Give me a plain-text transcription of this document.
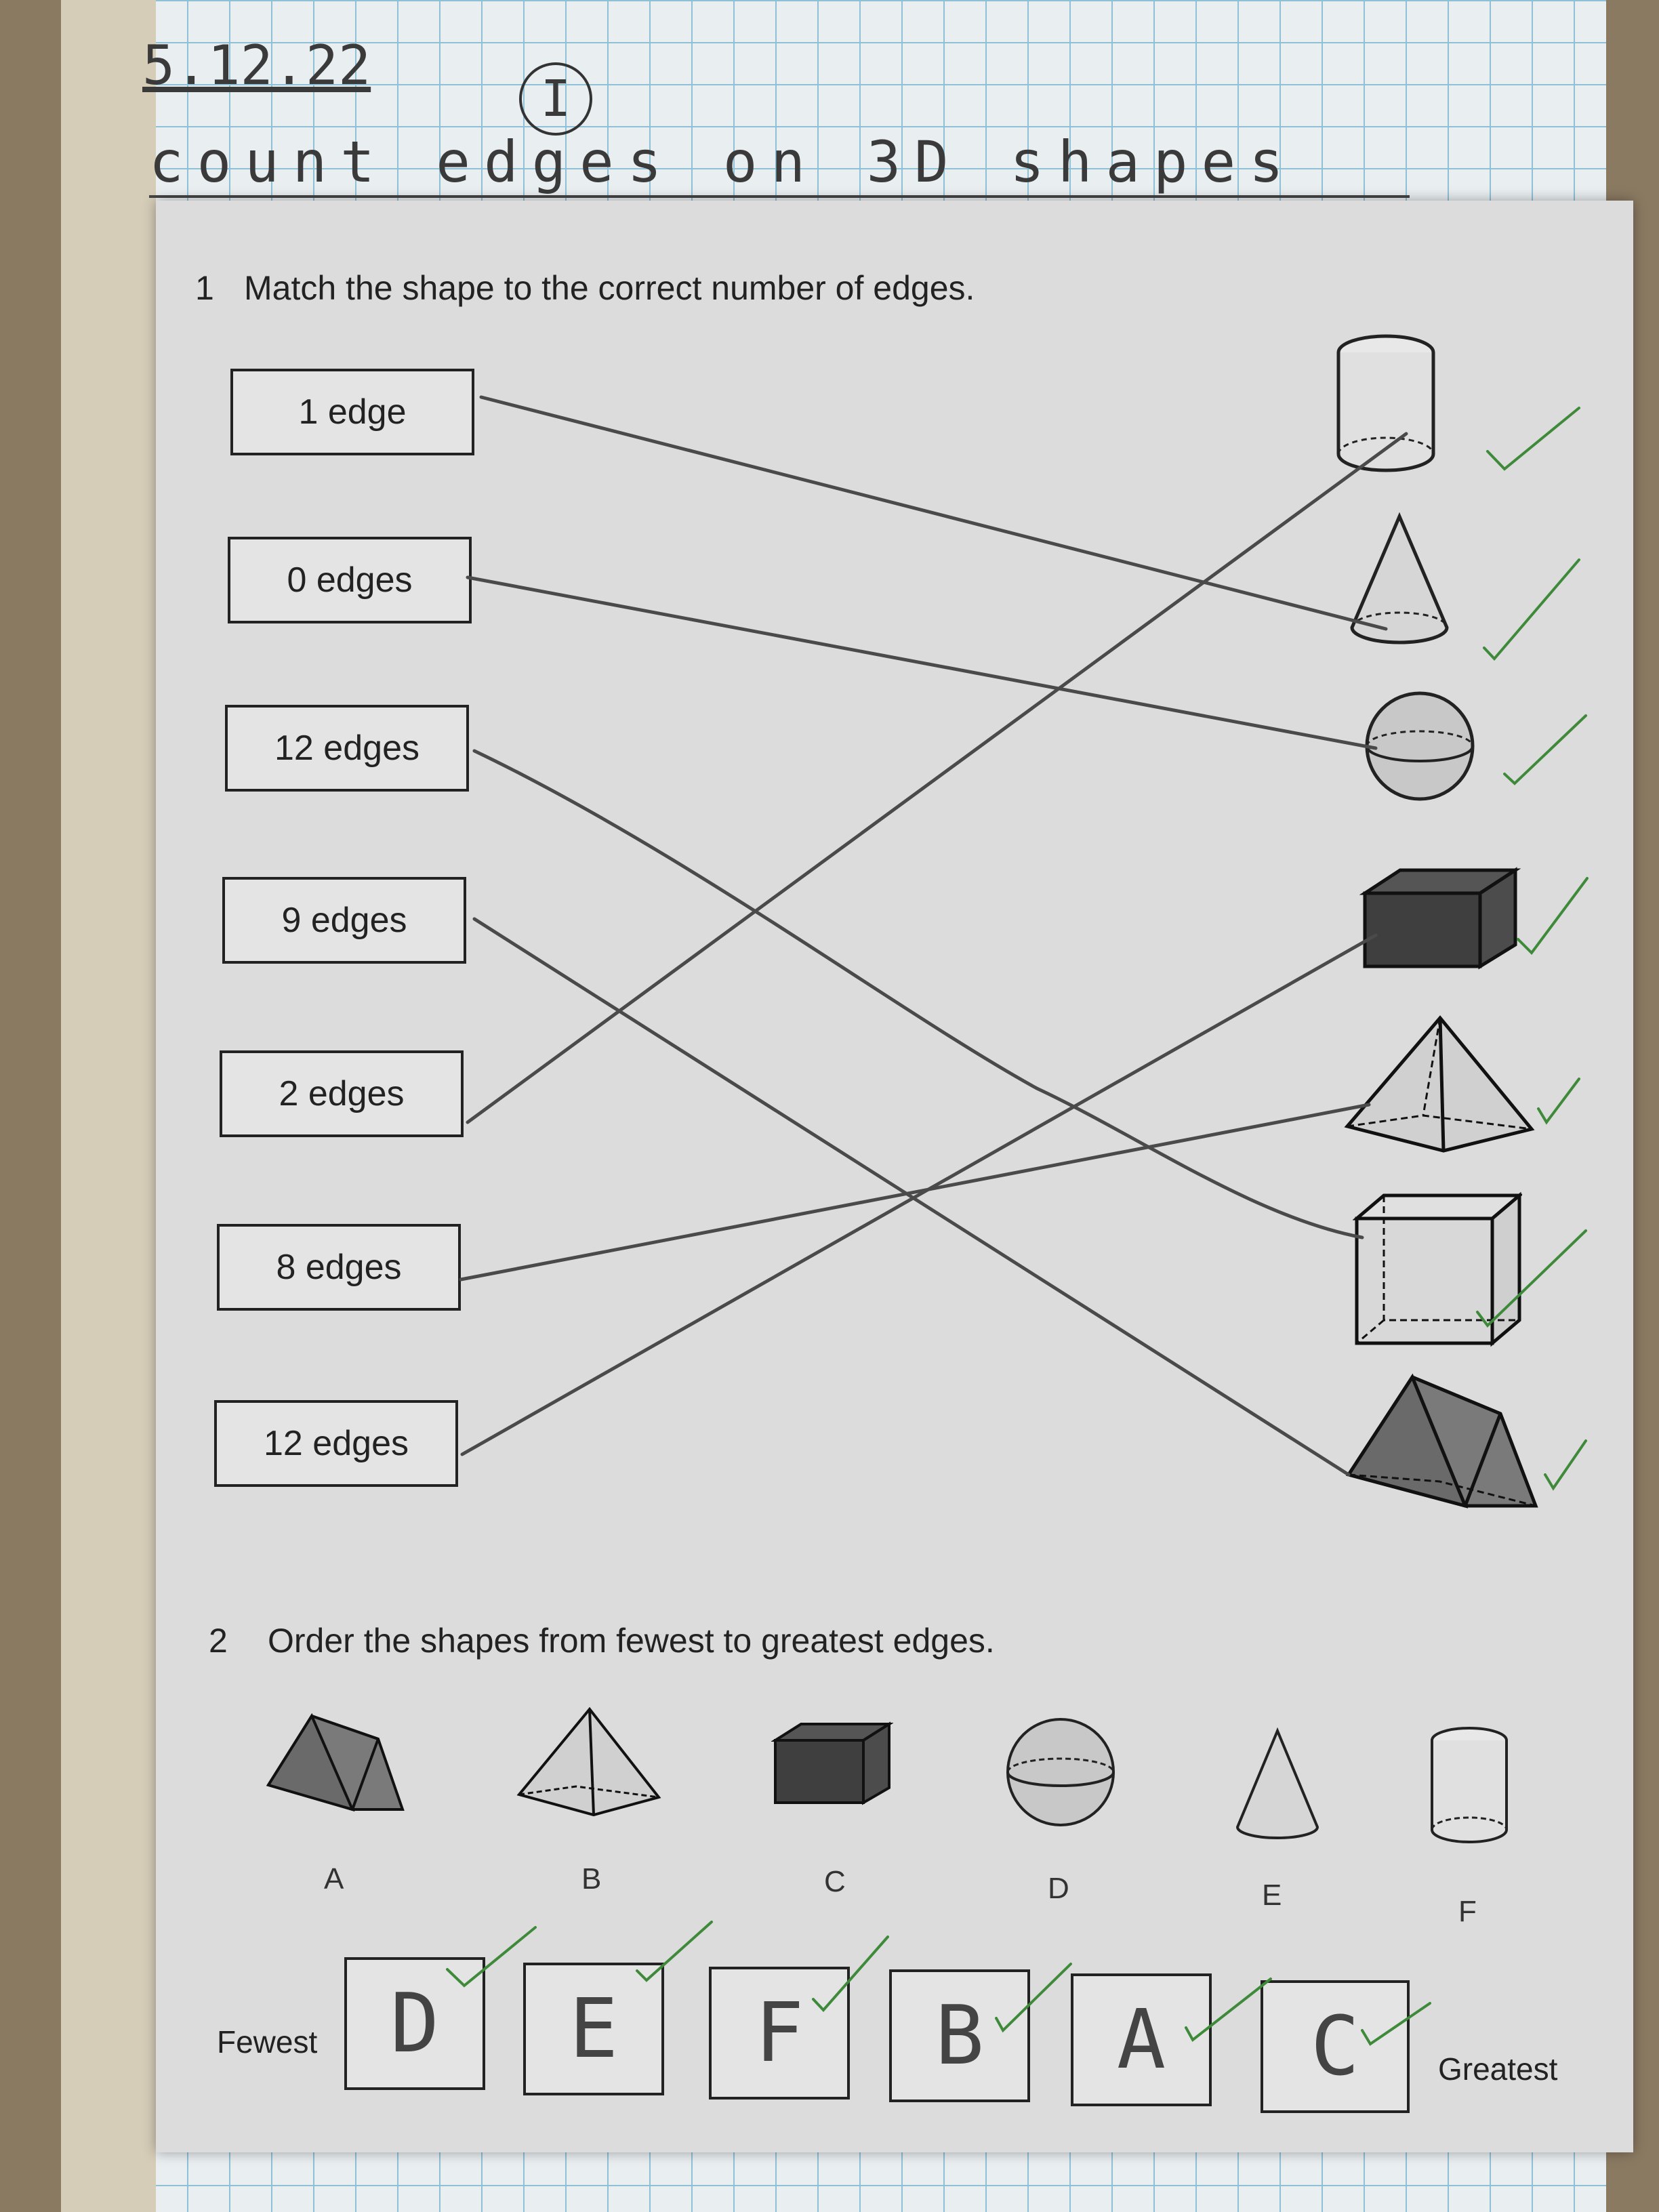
5.12.22
I
count edges on 3D shapes
1 Match the shape to the correct number of edges.
1 edge
0 edges
12 edges
9 edges
2 edges
8 edges
12 edges
2 Order the shapes from fewest to greatest edges.
A	B	C	D	E	F
Fewest
Greatest
D	E	F	B	A	C
